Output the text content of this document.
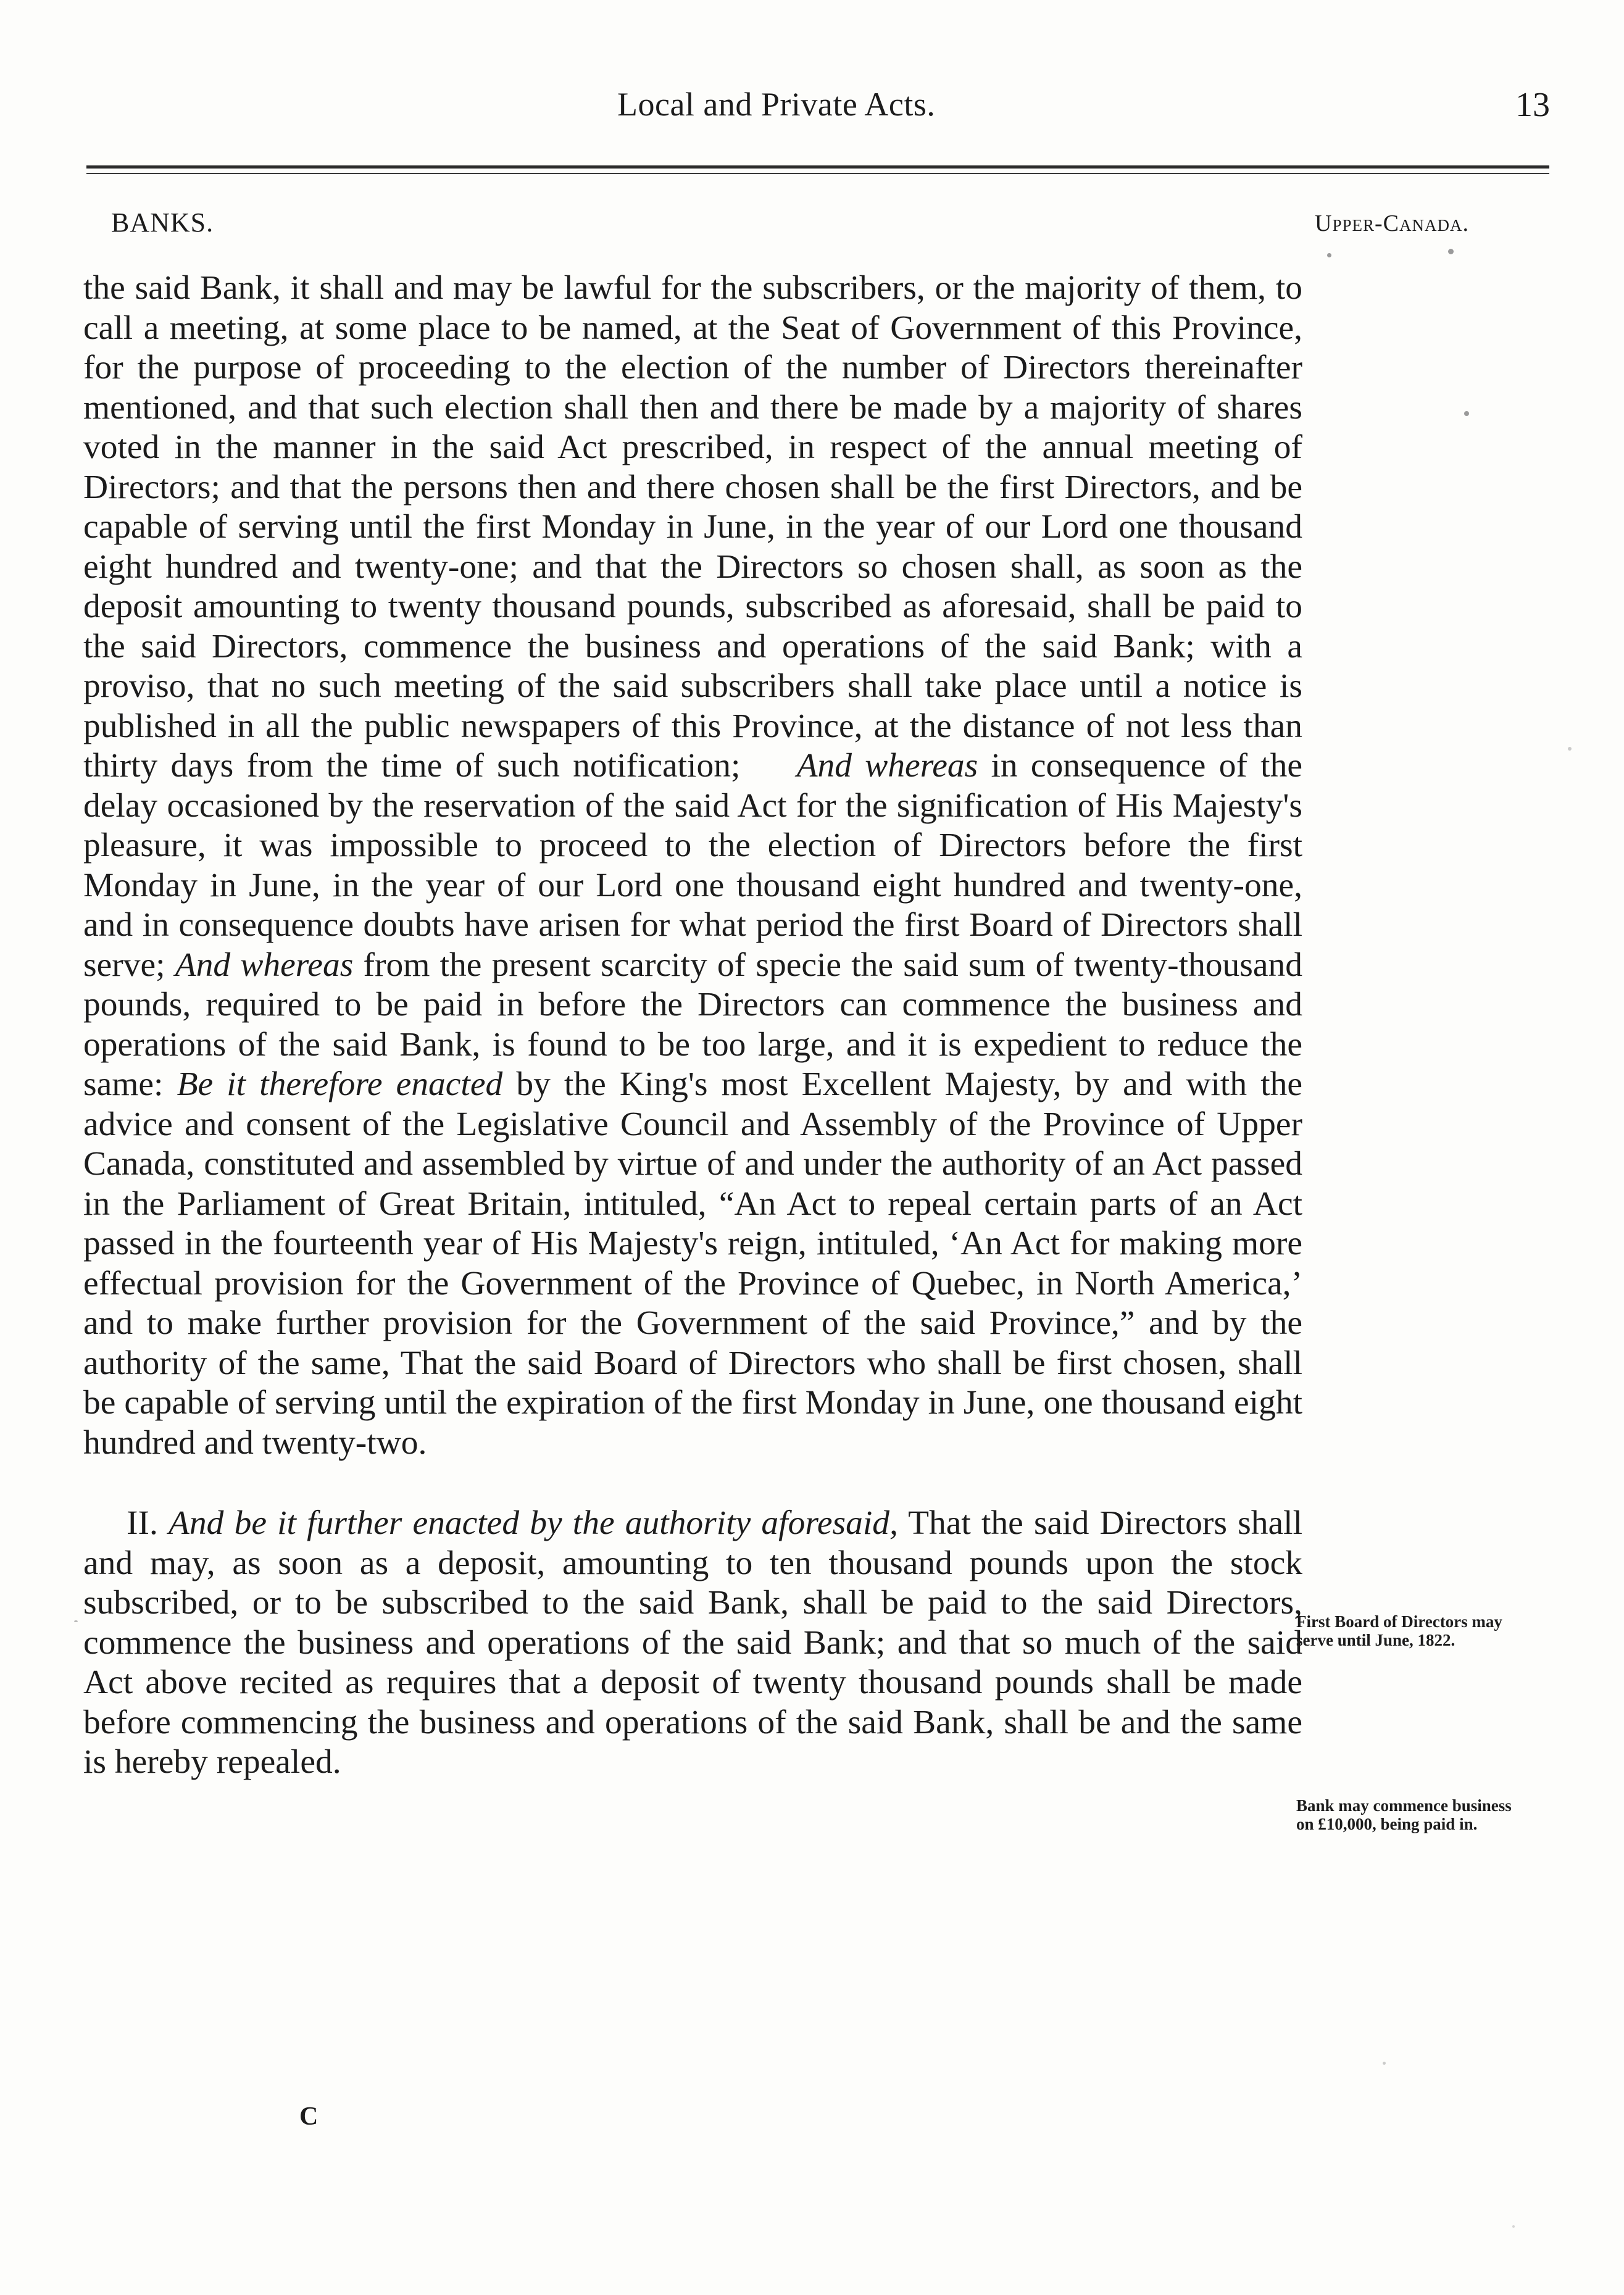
Local and Private Acts.	13
BANKS.	Upper-Canada.

the said Bank, it shall and may be lawful for the subscribers, or the majority of them, to call a meeting, at some place to be named, at the Seat of Government of this Province, for the purpose of proceeding to the election of the number of Directors thereinafter mentioned, and that such election shall then and there be made by a majority of shares voted in the manner in the said Act prescribed, in respect of the annual meeting of Directors; and that the persons then and there chosen shall be the first Directors, and be capable of serving until the first Monday in June, in the year of our Lord one thousand eight hundred and twenty-one; and that the Directors so chosen shall, as soon as the deposit amounting to twenty thousand pounds, subscribed as aforesaid, shall be paid to the said Directors, commence the business and operations of the said Bank; with a proviso, that no such meeting of the said subscribers shall take place until a notice is published in all the public newspapers of this Province, at the distance of not less than thirty days from the time of such notification; And whereas in consequence of the delay occasioned by the reservation of the said Act for the signification of His Majesty's pleasure, it was impossible to proceed to the election of Directors before the first Monday in June, in the year of our Lord one thousand eight hundred and twenty-one, and in consequence doubts have arisen for what period the first Board of Directors shall serve; And whereas from the present scarcity of specie the said sum of twenty-thousand pounds, required to be paid in before the Directors can commence the business and operations of the said Bank, is found to be too large, and it is expedient to reduce the same: Be it therefore enacted by the King's most Excellent Majesty, by and with the advice and consent of the Legislative Council and Assembly of the Province of Upper Canada, constituted and assembled by virtue of and under the authority of an Act passed in the Parliament of Great Britain, intituled, “An Act to repeal certain parts of an Act passed in the fourteenth year of His Majesty's reign, intituled, ‘An Act for making more effectual provision for the Government of the Province of Quebec, in North America,’ and to make further provision for the Government of the said Province,” and by the authority of the same, That the said Board of Directors who shall be first chosen, shall be capable of serving until the expiration of the first Monday in June, one thousand eight hundred and twenty-two.

II. And be it further enacted by the authority aforesaid, That the said Directors shall and may, as soon as a deposit, amounting to ten thousand pounds upon the stock subscribed, or to be subscribed to the said Bank, shall be paid to the said Directors, commence the business and operations of the said Bank; and that so much of the said Act above recited as requires that a deposit of twenty thousand pounds shall be made before commencing the business and operations of the said Bank, shall be and the same is hereby repealed.

First Board of Directors may serve until June, 1822.
Bank may commence business on £10,000, being paid in.
C
